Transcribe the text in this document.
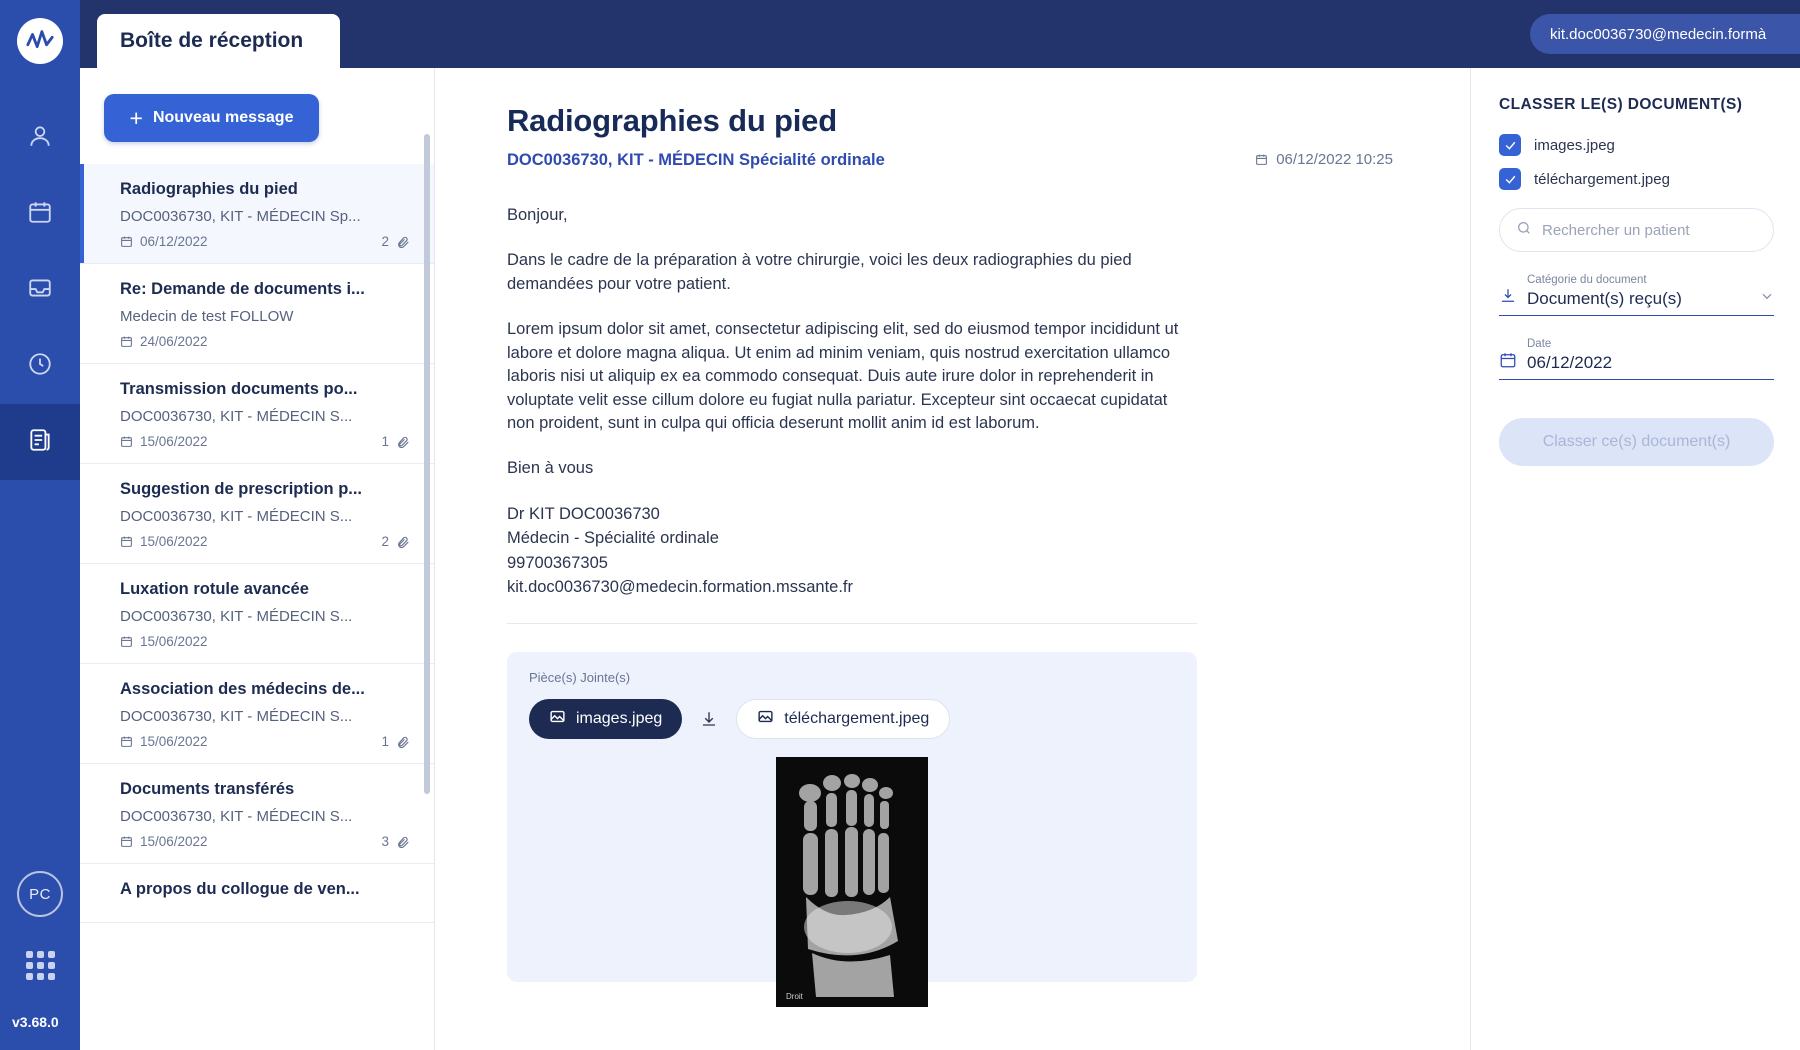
PC
v3.68.0
Boîte de réception	kit.doc0036730@medecin.formà
+ Nouveau message
Radiographies du pied
DOC0036730, KIT - MÉDECIN Sp...
06/12/2022	2
Re: Demande de documents i...
Medecin de test FOLLOW
24/06/2022
Transmission documents po...
DOC0036730, KIT - MÉDECIN S...
15/06/2022	1
Suggestion de prescription p...
DOC0036730, KIT - MÉDECIN S...
15/06/2022	2
Luxation rotule avancée
DOC0036730, KIT - MÉDECIN S...
15/06/2022
Association des médecins de...
DOC0036730, KIT - MÉDECIN S...
15/06/2022	1
Documents transférés
DOC0036730, KIT - MÉDECIN S...
15/06/2022	3
A propos du collogue de ven...
Radiographies du pied
DOC0036730, KIT - MÉDECIN Spécialité ordinale	06/12/2022 10:25

Bonjour,

Dans le cadre de la préparation à votre chirurgie, voici les deux radiographies du pied demandées pour votre patient.

Lorem ipsum dolor sit amet, consectetur adipiscing elit, sed do eiusmod tempor incididunt ut labore et dolore magna aliqua. Ut enim ad minim veniam, quis nostrud exercitation ullamco laboris nisi ut aliquip ex ea commodo consequat. Duis aute irure dolor in reprehenderit in voluptate velit esse cillum dolore eu fugiat nulla pariatur. Excepteur sint occaecat cupidatat non proident, sunt in culpa qui officia deserunt mollit anim id est laborum.

Bien à vous

Dr KIT DOC0036730
Médecin - Spécialité ordinale
99700367305
kit.doc0036730@medecin.formation.mssante.fr
Pièce(s) Jointe(s)
images.jpeg	téléchargement.jpeg
Droit
CLASSER LE(S) DOCUMENT(S)
images.jpeg
téléchargement.jpeg
Rechercher un patient
Catégorie du document
Document(s) reçu(s)
Date
06/12/2022
Classer ce(s) document(s)
